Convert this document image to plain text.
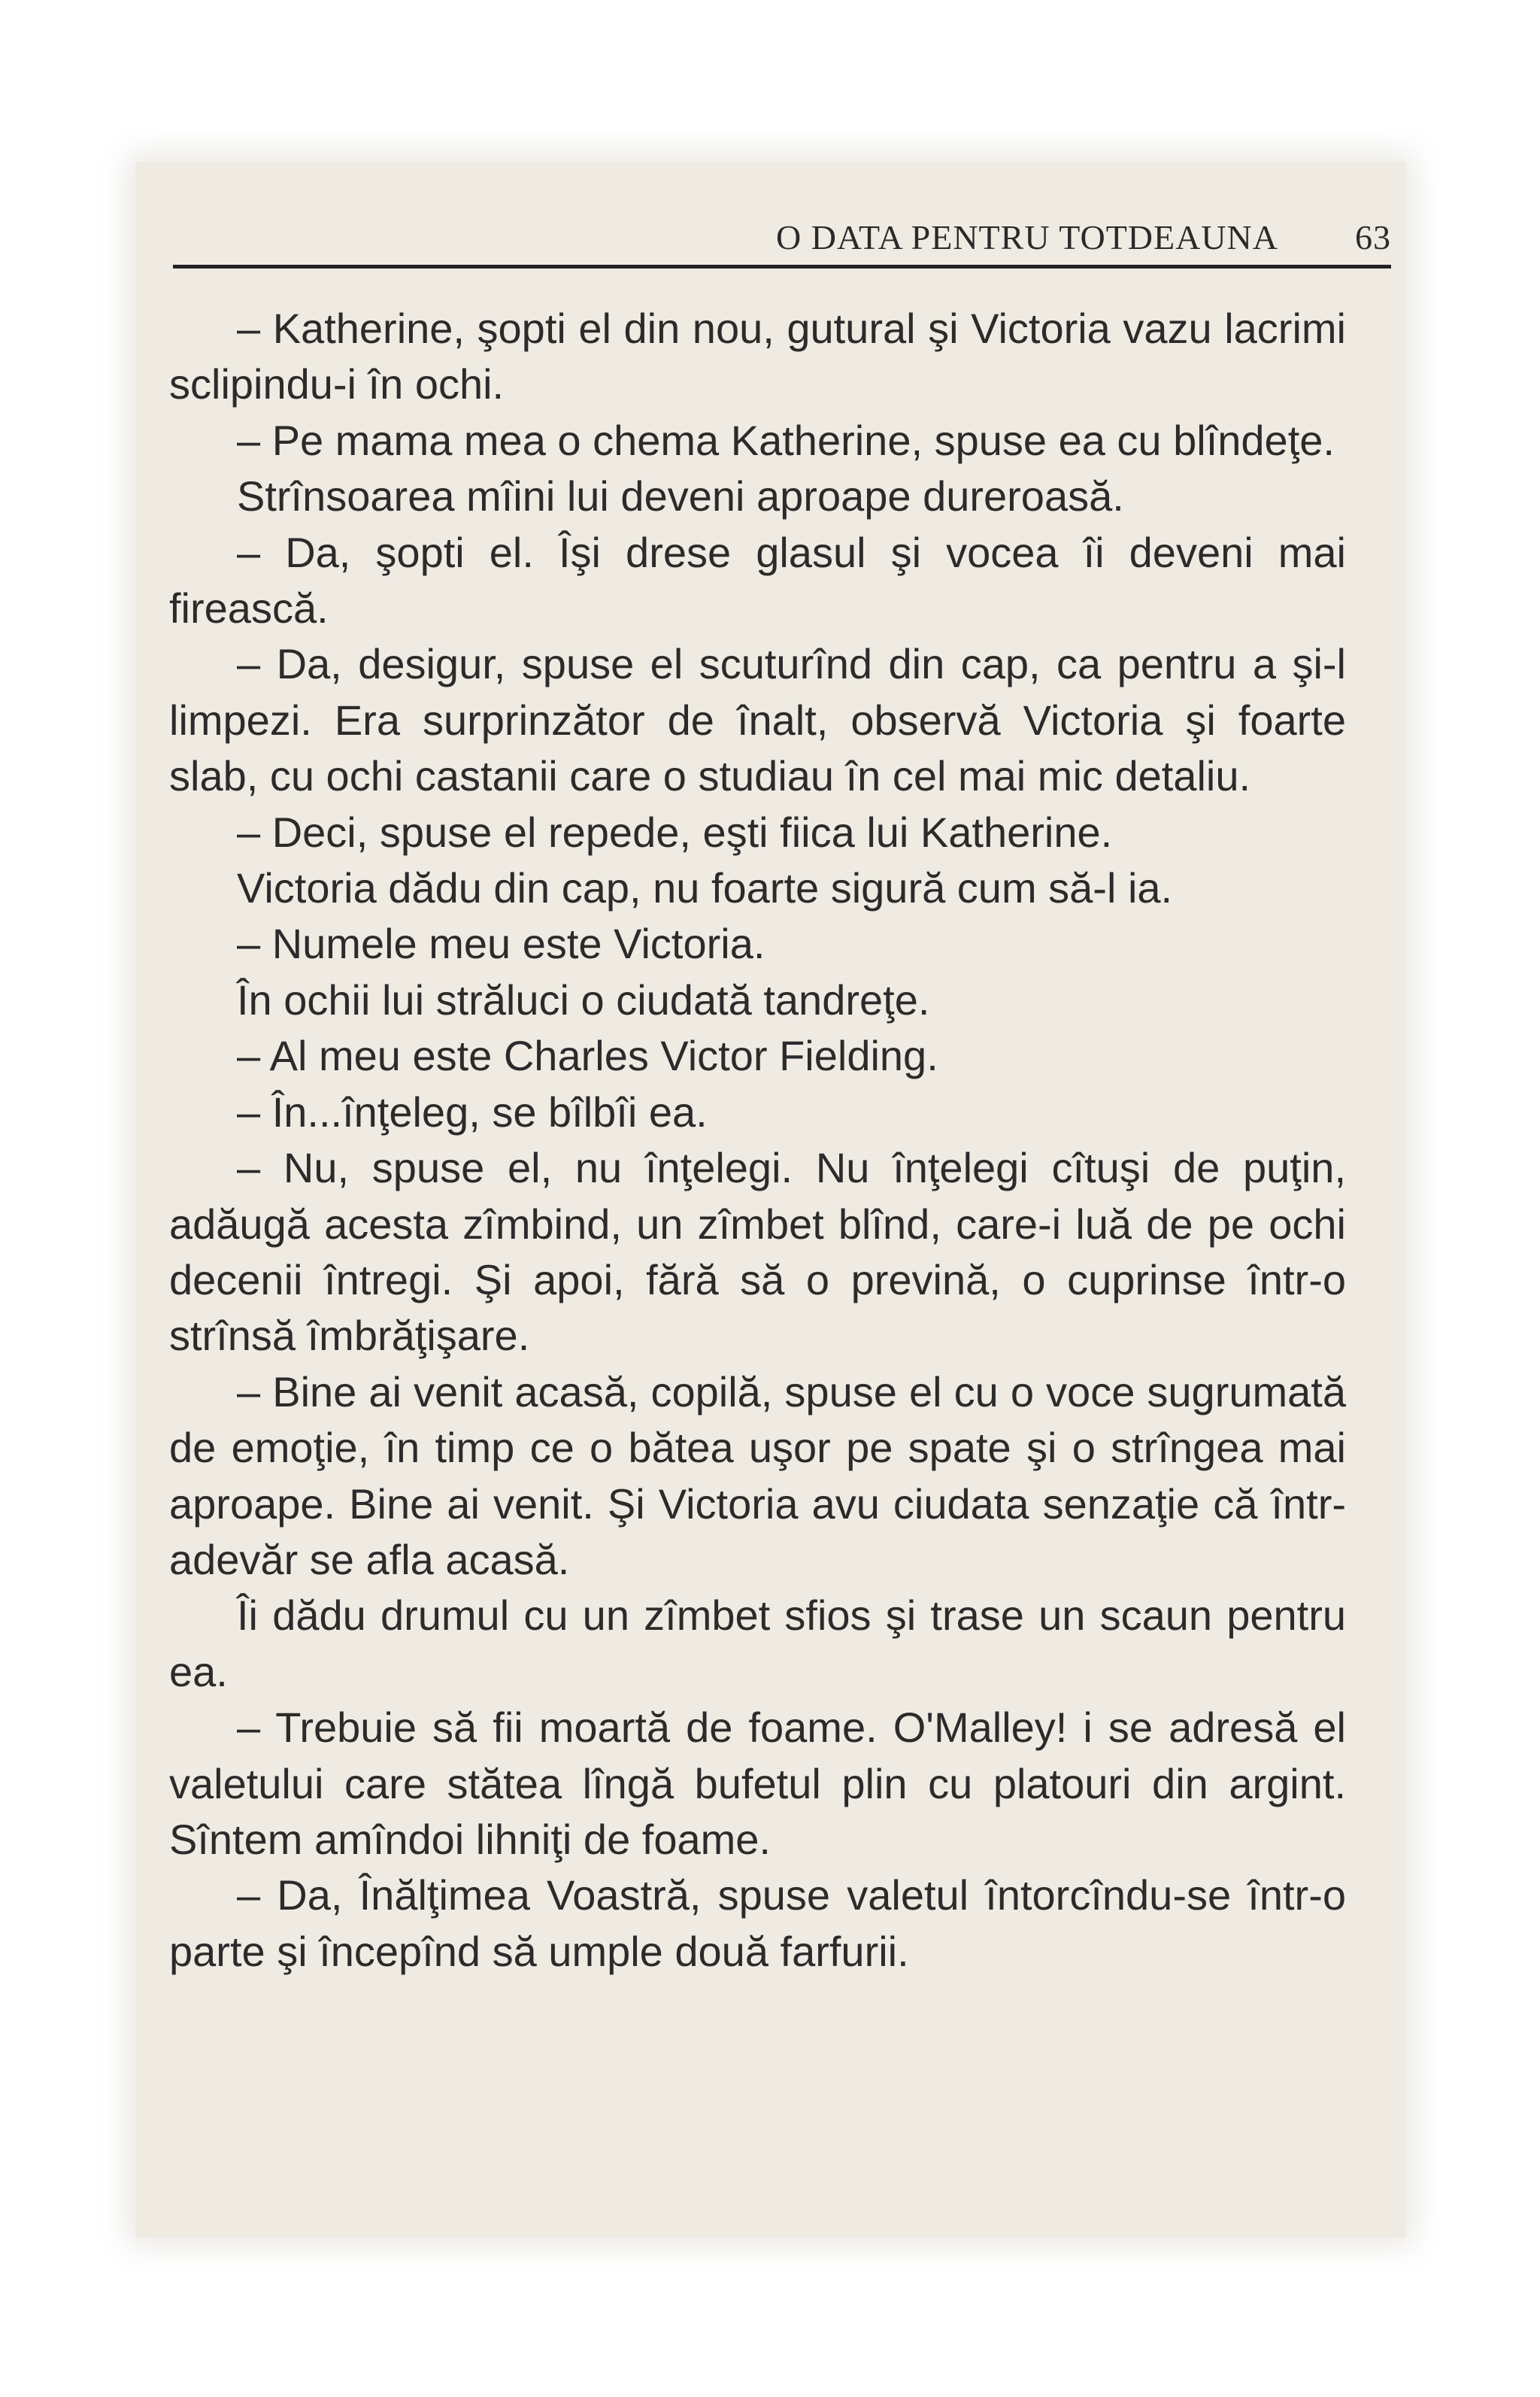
O DATA PENTRU TOTDEAUNA 63

– Katherine, şopti el din nou, gutural şi Victoria vazu lacrimi sclipindu-i în ochi.

– Pe mama mea o chema Katherine, spuse ea cu blîndeţe.

Strînsoarea mîini lui deveni aproape dureroasă.

– Da, şopti el. Îşi drese glasul şi vocea îi deveni mai firească.

– Da, desigur, spuse el scuturînd din cap, ca pentru a şi-l limpezi. Era surprinzător de înalt, observă Victoria şi foarte slab, cu ochi castanii care o studiau în cel mai mic detaliu.

– Deci, spuse el repede, eşti fiica lui Katherine.

Victoria dădu din cap, nu foarte sigură cum să-l ia.

– Numele meu este Victoria.

În ochii lui străluci o ciudată tandreţe.

– Al meu este Charles Victor Fielding.

– În...înţeleg, se bîlbîi ea.

– Nu, spuse el, nu înţelegi. Nu înţelegi cîtuşi de puţin, adăugă acesta zîmbind, un zîmbet blînd, care-i luă de pe ochi decenii întregi. Şi apoi, fără să o prevină, o cuprinse într-o strînsă îmbrăţişare.

– Bine ai venit acasă, copilă, spuse el cu o voce sugrumată de emoţie, în timp ce o bătea uşor pe spate şi o strîngea mai aproape. Bine ai venit. Şi Victoria avu ciudata senzaţie că într-adevăr se afla acasă.

Îi dădu drumul cu un zîmbet sfios şi trase un scaun pentru ea.

– Trebuie să fii moartă de foame. O'Malley! i se adresă el valetului care stătea lîngă bufetul plin cu platouri din argint. Sîntem amîndoi lihniţi de foame.

– Da, Înălţimea Voastră, spuse valetul întorcîndu-se într-o parte şi începînd să umple două farfurii.
